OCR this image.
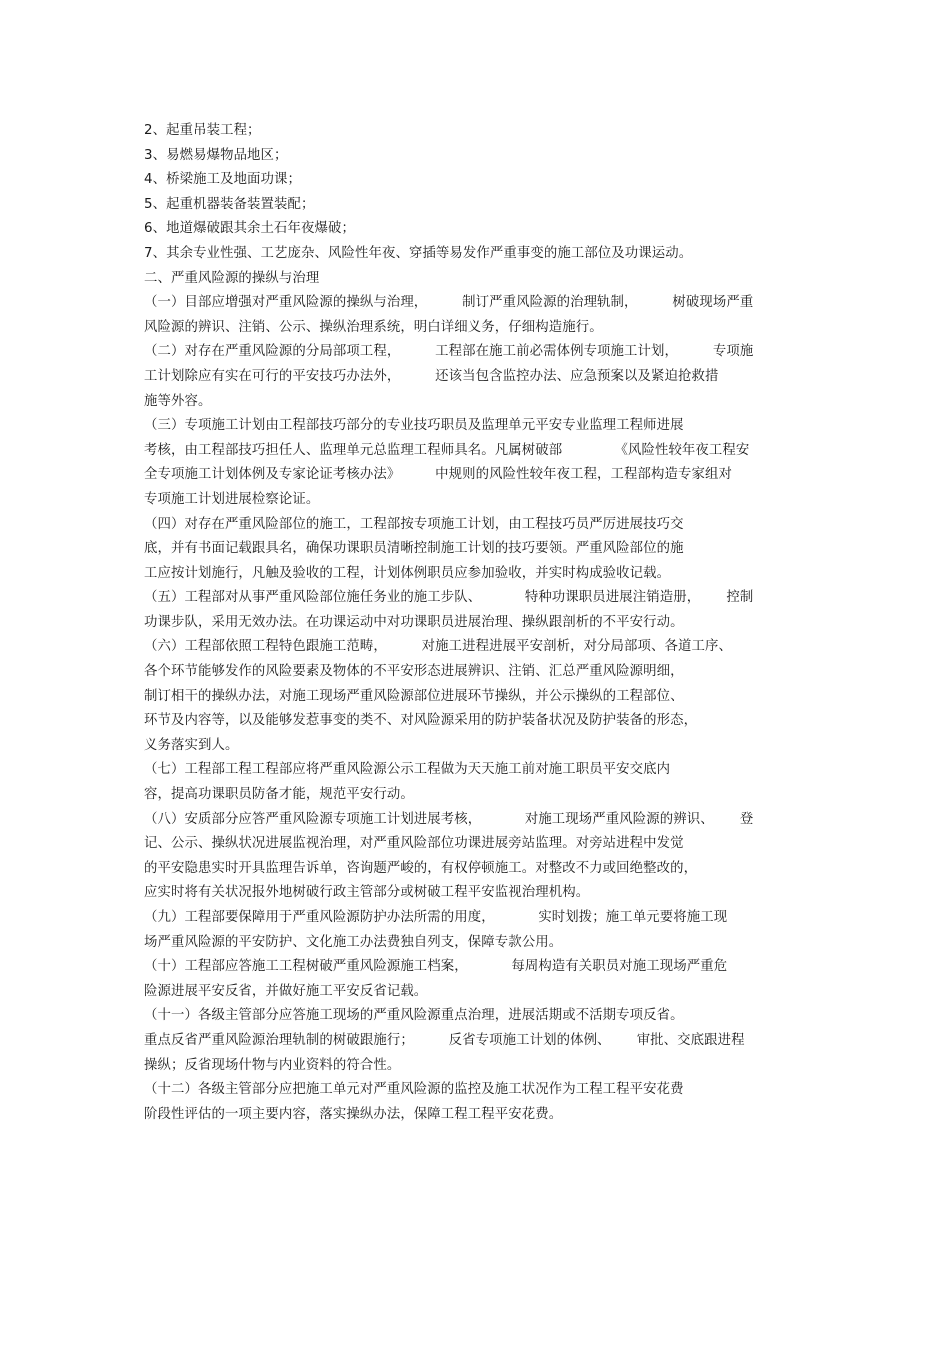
2、起重吊装工程；
3、易燃易爆物品地区；
4、桥梁施工及地面功课；
5、起重机器装备装置装配；
6、地道爆破跟其余土石年夜爆破；
7、其余专业性强、工艺庞杂、风险性年夜、穿插等易发作严重事变的施工部位及功课运动。
二、严重风险源的操纵与治理
（一）目部应增强对严重风险源的操纵与治理，        制订严重风险源的治理轨制，        树破现场严重
风险源的辨识、注销、公示、操纵治理系统，明白详细义务，仔细构造施行。
（二）对存在严重风险源的分局部项工程，        工程部在施工前必需体例专项施工计划，        专项施
工计划除应有实在可行的平安技巧办法外，        还该当包含监控办法、应急预案以及紧迫抢救措
施等外容。
（三）专项施工计划由工程部技巧部分的专业技巧职员及监理单元平安专业监理工程师进展
考核，由工程部技巧担任人、监理单元总监理工程师具名。凡属树破部            《风险性较年夜工程安
全专项施工计划体例及专家论证考核办法》        中规则的风险性较年夜工程，工程部构造专家组对
专项施工计划进展检察论证。
（四）对存在严重风险部位的施工，工程部按专项施工计划，由工程技巧员严厉进展技巧交
底，并有书面记载跟具名，确保功课职员清晰控制施工计划的技巧要领。严重风险部位的施
工应按计划施行，凡触及验收的工程，计划体例职员应参加验收，并实时构成验收记载。
（五）工程部对从事严重风险部位施任务业的施工步队、          特种功课职员进展注销造册，      控制
功课步队，采用无效办法。在功课运动中对功课职员进展治理、操纵跟剖析的不平安行动。
（六）工程部依照工程特色跟施工范畴，        对施工进程进展平安剖析，对分局部项、各道工序、
各个环节能够发作的风险要素及物体的不平安形态进展辨识、注销、汇总严重风险源明细，
制订相干的操纵办法，对施工现场严重风险源部位进展环节操纵，并公示操纵的工程部位、
环节及内容等，以及能够发惹事变的类不、对风险源采用的防护装备状况及防护装备的形态，
义务落实到人。
（七）工程部工程工程部应将严重风险源公示工程做为天天施工前对施工职员平安交底内
容，提高功课职员防备才能，规范平安行动。
（八）安质部分应答严重风险源专项施工计划进展考核，          对施工现场严重风险源的辨识、      登
记、公示、操纵状况进展监视治理，对严重风险部位功课进展旁站监理。对旁站进程中发觉
的平安隐患实时开具监理告诉单，咨询题严峻的，有权停顿施工。对整改不力或回绝整改的，
应实时将有关状况报外地树破行政主管部分或树破工程平安监视治理机构。
（九）工程部要保障用于严重风险源防护办法所需的用度，          实时划拨；施工单元要将施工现
场严重风险源的平安防护、文化施工办法费独自列支，保障专款公用。
（十）工程部应答施工工程树破严重风险源施工档案，          每周构造有关职员对施工现场严重危
险源进展平安反省，并做好施工平安反省记载。
（十一）各级主管部分应答施工现场的严重风险源重点治理，进展活期或不活期专项反省。
重点反省严重风险源治理轨制的树破跟施行；        反省专项施工计划的体例、      审批、交底跟进程
操纵；反省现场什物与内业资料的符合性。
（十二）各级主管部分应把施工单元对严重风险源的监控及施工状况作为工程工程平安花费
阶段性评估的一项主要内容，落实操纵办法，保障工程工程平安花费。
